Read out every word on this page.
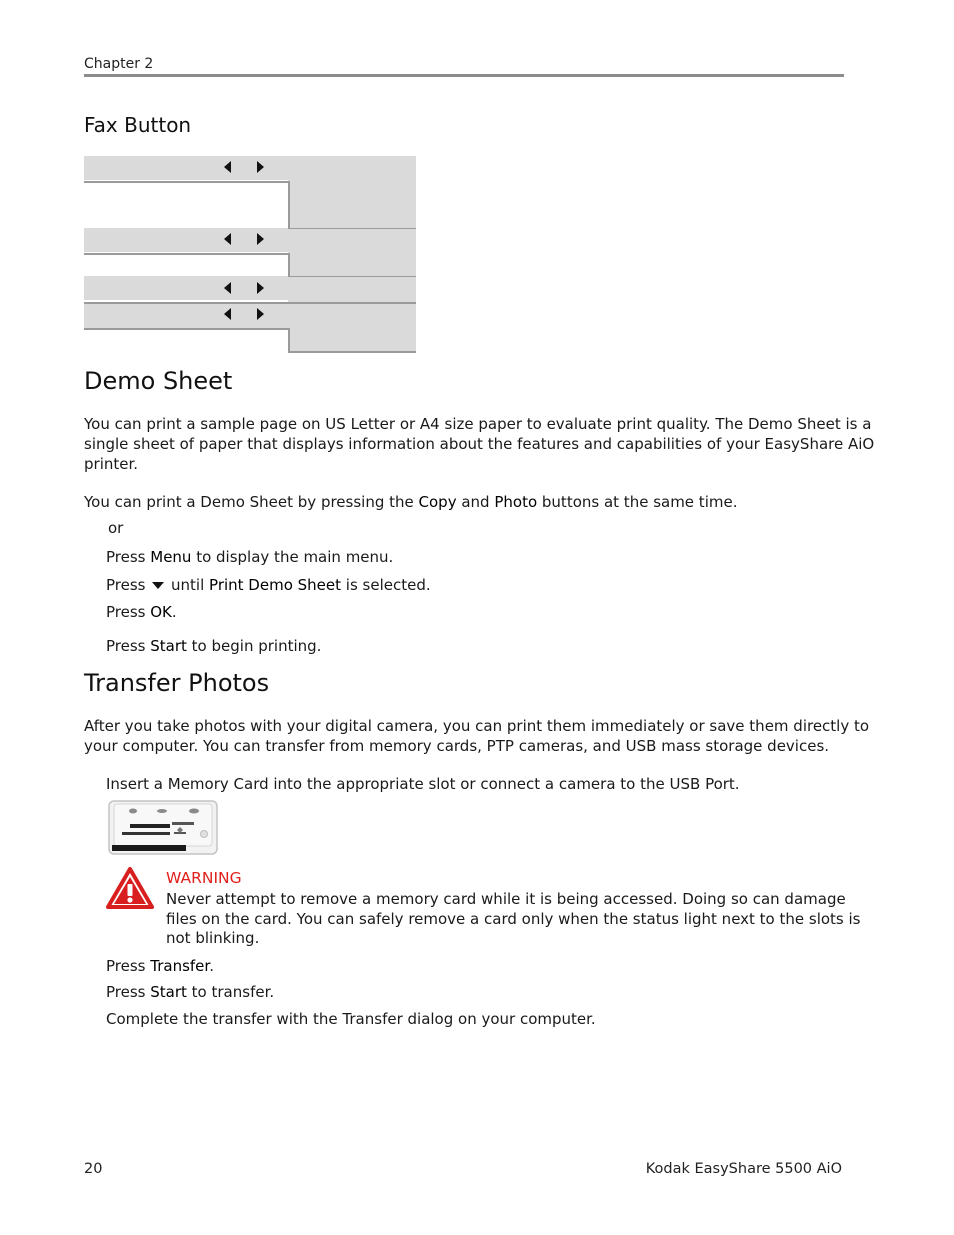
Chapter 2
Fax Button
Demo Sheet
You can print a sample page on US Letter or A4 size paper to evaluate print quality. The Demo Sheet is a
single sheet of paper that displays information about the features and capabilities of your EasyShare AiO
printer.
You can print a Demo Sheet by pressing the Copy and Photo buttons at the same time.
or
Press Menu to display the main menu.
Press  until Print Demo Sheet is selected.
Press OK.
Press Start to begin printing.
Transfer Photos
After you take photos with your digital camera, you can print them immediately or save them directly to
your computer. You can transfer from memory cards, PTP cameras, and USB mass storage devices.
Insert a Memory Card into the appropriate slot or connect a camera to the USB Port.
WARNING
Never attempt to remove a memory card while it is being accessed. Doing so can damage
files on the card. You can safely remove a card only when the status light next to the slots is
not blinking.
Press Transfer.
Press Start to transfer.
Complete the transfer with the Transfer dialog on your computer.
20	Kodak EasyShare 5500 AiO
